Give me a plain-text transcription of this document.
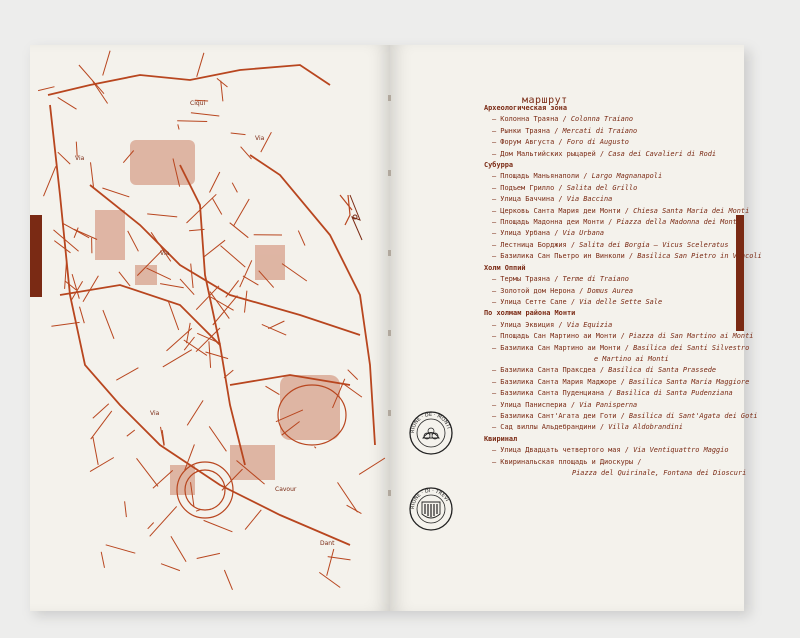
Via
Ciqui
Via
Via
Via
Cavour
Dant
маршрут
Археологическая зона
– Колонна Траяна / Colonna Traiano
– Рынки Траяна / Mercati di Traiano
– Форум Августа / Foro di Augusto
– Дом Мальтийских рыцарей / Casa dei Cavalieri di Rodi
Субурра
– Площадь Маньянаполи / Largo Magnanapoli
– Подъем Грилло / Salita del Grillo
– Улица Баччина / Via Baccina
– Церковь Санта Мария деи Монти / Chiesa Santa Maria dei Monti
– Площадь Мадонна деи Монти / Piazza della Madonna dei Monti
– Улица Урбана / Via Urbana
– Лестница Борджия / Salita dei Borgia – Vicus Sceleratus
– Базилика Сан Пьетро ин Винколи / Basilica San Pietro in Vincoli
Холм Оппий
– Термы Траяна / Terme di Traiano
– Золотой дом Нерона / Domus Aurea
– Улица Сетте Сале / Via delle Sette Sale
По холмам района Монти
– Улица Эквиция / Via Equizia
– Площадь Сан Мартино аи Монти / Piazza di San Martino ai Monti
– Базилика Сан Мартино аи Монти / Basilica dei Santi Silvestro
e Martino ai Monti
– Базилика Санта Праксдеа / Basilica di Santa Prassede
– Базилика Санта Мария Маджоре / Basilica Santa Maria Maggiore
– Базилика Санта Пуденциана / Basilica di Santa Pudenziana
– Улица Паниспериа / Via Panisperna
– Базилика Сант'Агата деи Готи / Basilica di Sant'Agata dei Goti
– Сад виллы Альдебрандини / Villa Aldobrandini
Квиринал
– Улица Двадцать четвертого мая / Via Ventiquattro Maggio
– Квиринальская площадь и Диоскуры /
Piazza del Quirinale, Fontana dei Dioscuri
RIONE · DE · MONTI
RIONE · DI · TREVI
